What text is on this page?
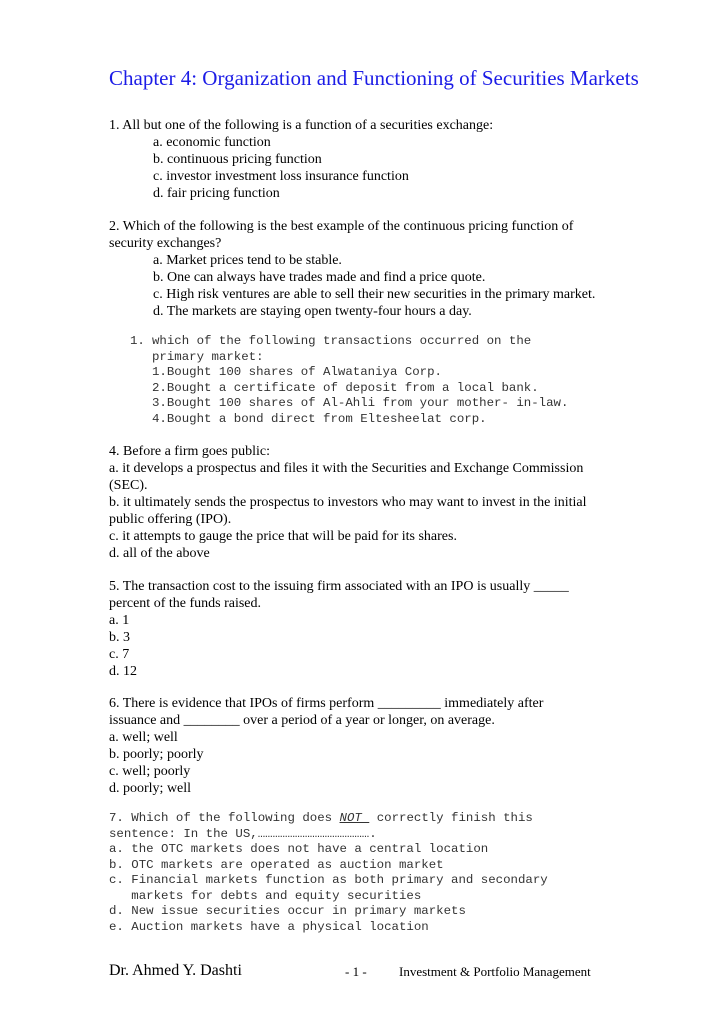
Chapter 4: Organization and Functioning of Securities Markets
1. All but one of the following is a function of a securities exchange:
a. economic function
b. continuous pricing function
c. investor investment loss insurance function
d. fair pricing function
2. Which of the following is the best example of the continuous pricing function of
security exchanges?
a. Market prices tend to be stable.
b. One can always have trades made and find a price quote.
c. High risk ventures are able to sell their new securities in the primary market.
d. The markets are staying open twenty-four hours a day.
1. which of the following transactions occurred on the
primary market:
1.Bought 100 shares of Alwataniya Corp.
2.Bought a certificate of deposit from a local bank.
3.Bought 100 shares of Al-Ahli from your mother- in-law.
4.Bought a bond direct from Eltesheelat corp.
4. Before a firm goes public:
a. it develops a prospectus and files it with the Securities and Exchange Commission
(SEC).
b. it ultimately sends the prospectus to investors who may want to invest in the initial
public offering (IPO).
c. it attempts to gauge the price that will be paid for its shares.
d. all of the above
5. The transaction cost to the issuing firm associated with an IPO is usually _____
percent of the funds raised.
a. 1
b. 3
c. 7
d. 12
6. There is evidence that IPOs of firms perform _________ immediately after
issuance and ________ over a period of a year or longer, on average.
a. well; well
b. poorly; poorly
c. well; poorly
d. poorly; well
7. Which of the following does NOT  correctly finish this
sentence: In the US,……………………………………….
a. the OTC markets does not have a central location
b. OTC markets are operated as auction market
c. Financial markets function as both primary and secondary
markets for debts and equity securities
d. New issue securities occur in primary markets
e. Auction markets have a physical location
Dr. Ahmed Y. Dashti	- 1 - Investment & Portfolio Management
